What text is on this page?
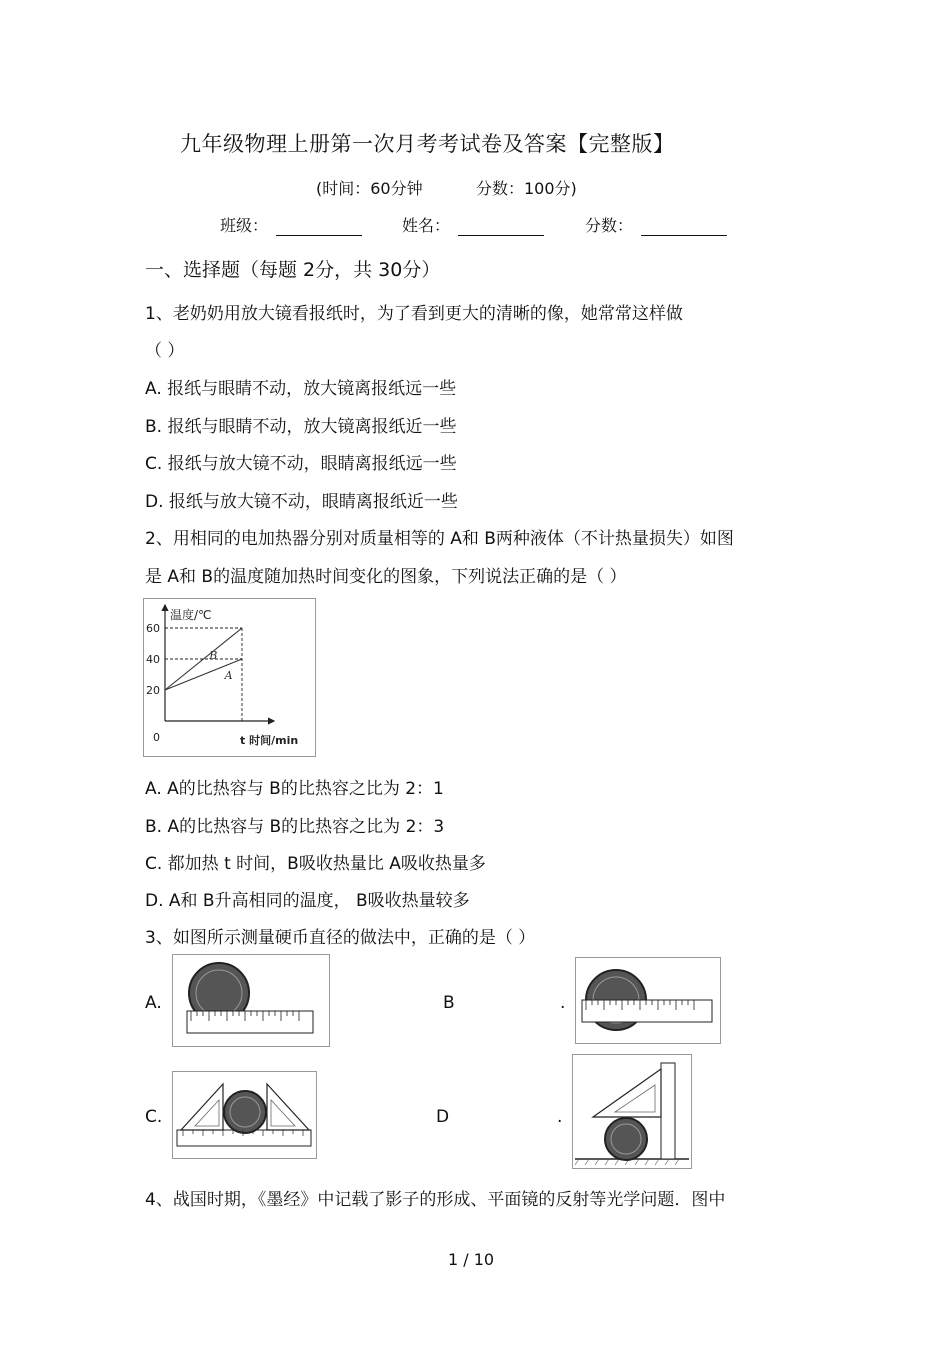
九年级物理上册第一次月考考试卷及答案【完整版】
(时间：60分钟	分数：100分)
班级：	姓名：	分数：
一、选择题（每题 2分，共 30分）
1、老奶奶用放大镜看报纸时，为了看到更大的清晰的像，她常常这样做
（ ）
A. 报纸与眼睛不动，放大镜离报纸远一些
B. 报纸与眼睛不动，放大镜离报纸近一些
C. 报纸与放大镜不动，眼睛离报纸远一些
D. 报纸与放大镜不动，眼睛离报纸近一些
2、用相同的电加热器分别对质量相等的 A和 B两种液体（不计热量损失）如图
是 A和 B的温度随加热时间变化的图象，下列说法正确的是（ ）
温度/℃
t 时间/min
0
20
40
60
B
A
A. A的比热容与 B的比热容之比为 2：1
B. A的比热容与 B的比热容之比为 2：3
C. 都加热 t 时间，B吸收热量比 A吸收热量多
D. A和 B升高相同的温度， B吸收热量较多
3、如图所示测量硬币直径的做法中，正确的是（ ）
A.	B	.
C.	D	.
4、战国时期，《墨经》中记载了影子的形成、平面镜的反射等光学问题．图中
1 / 10
